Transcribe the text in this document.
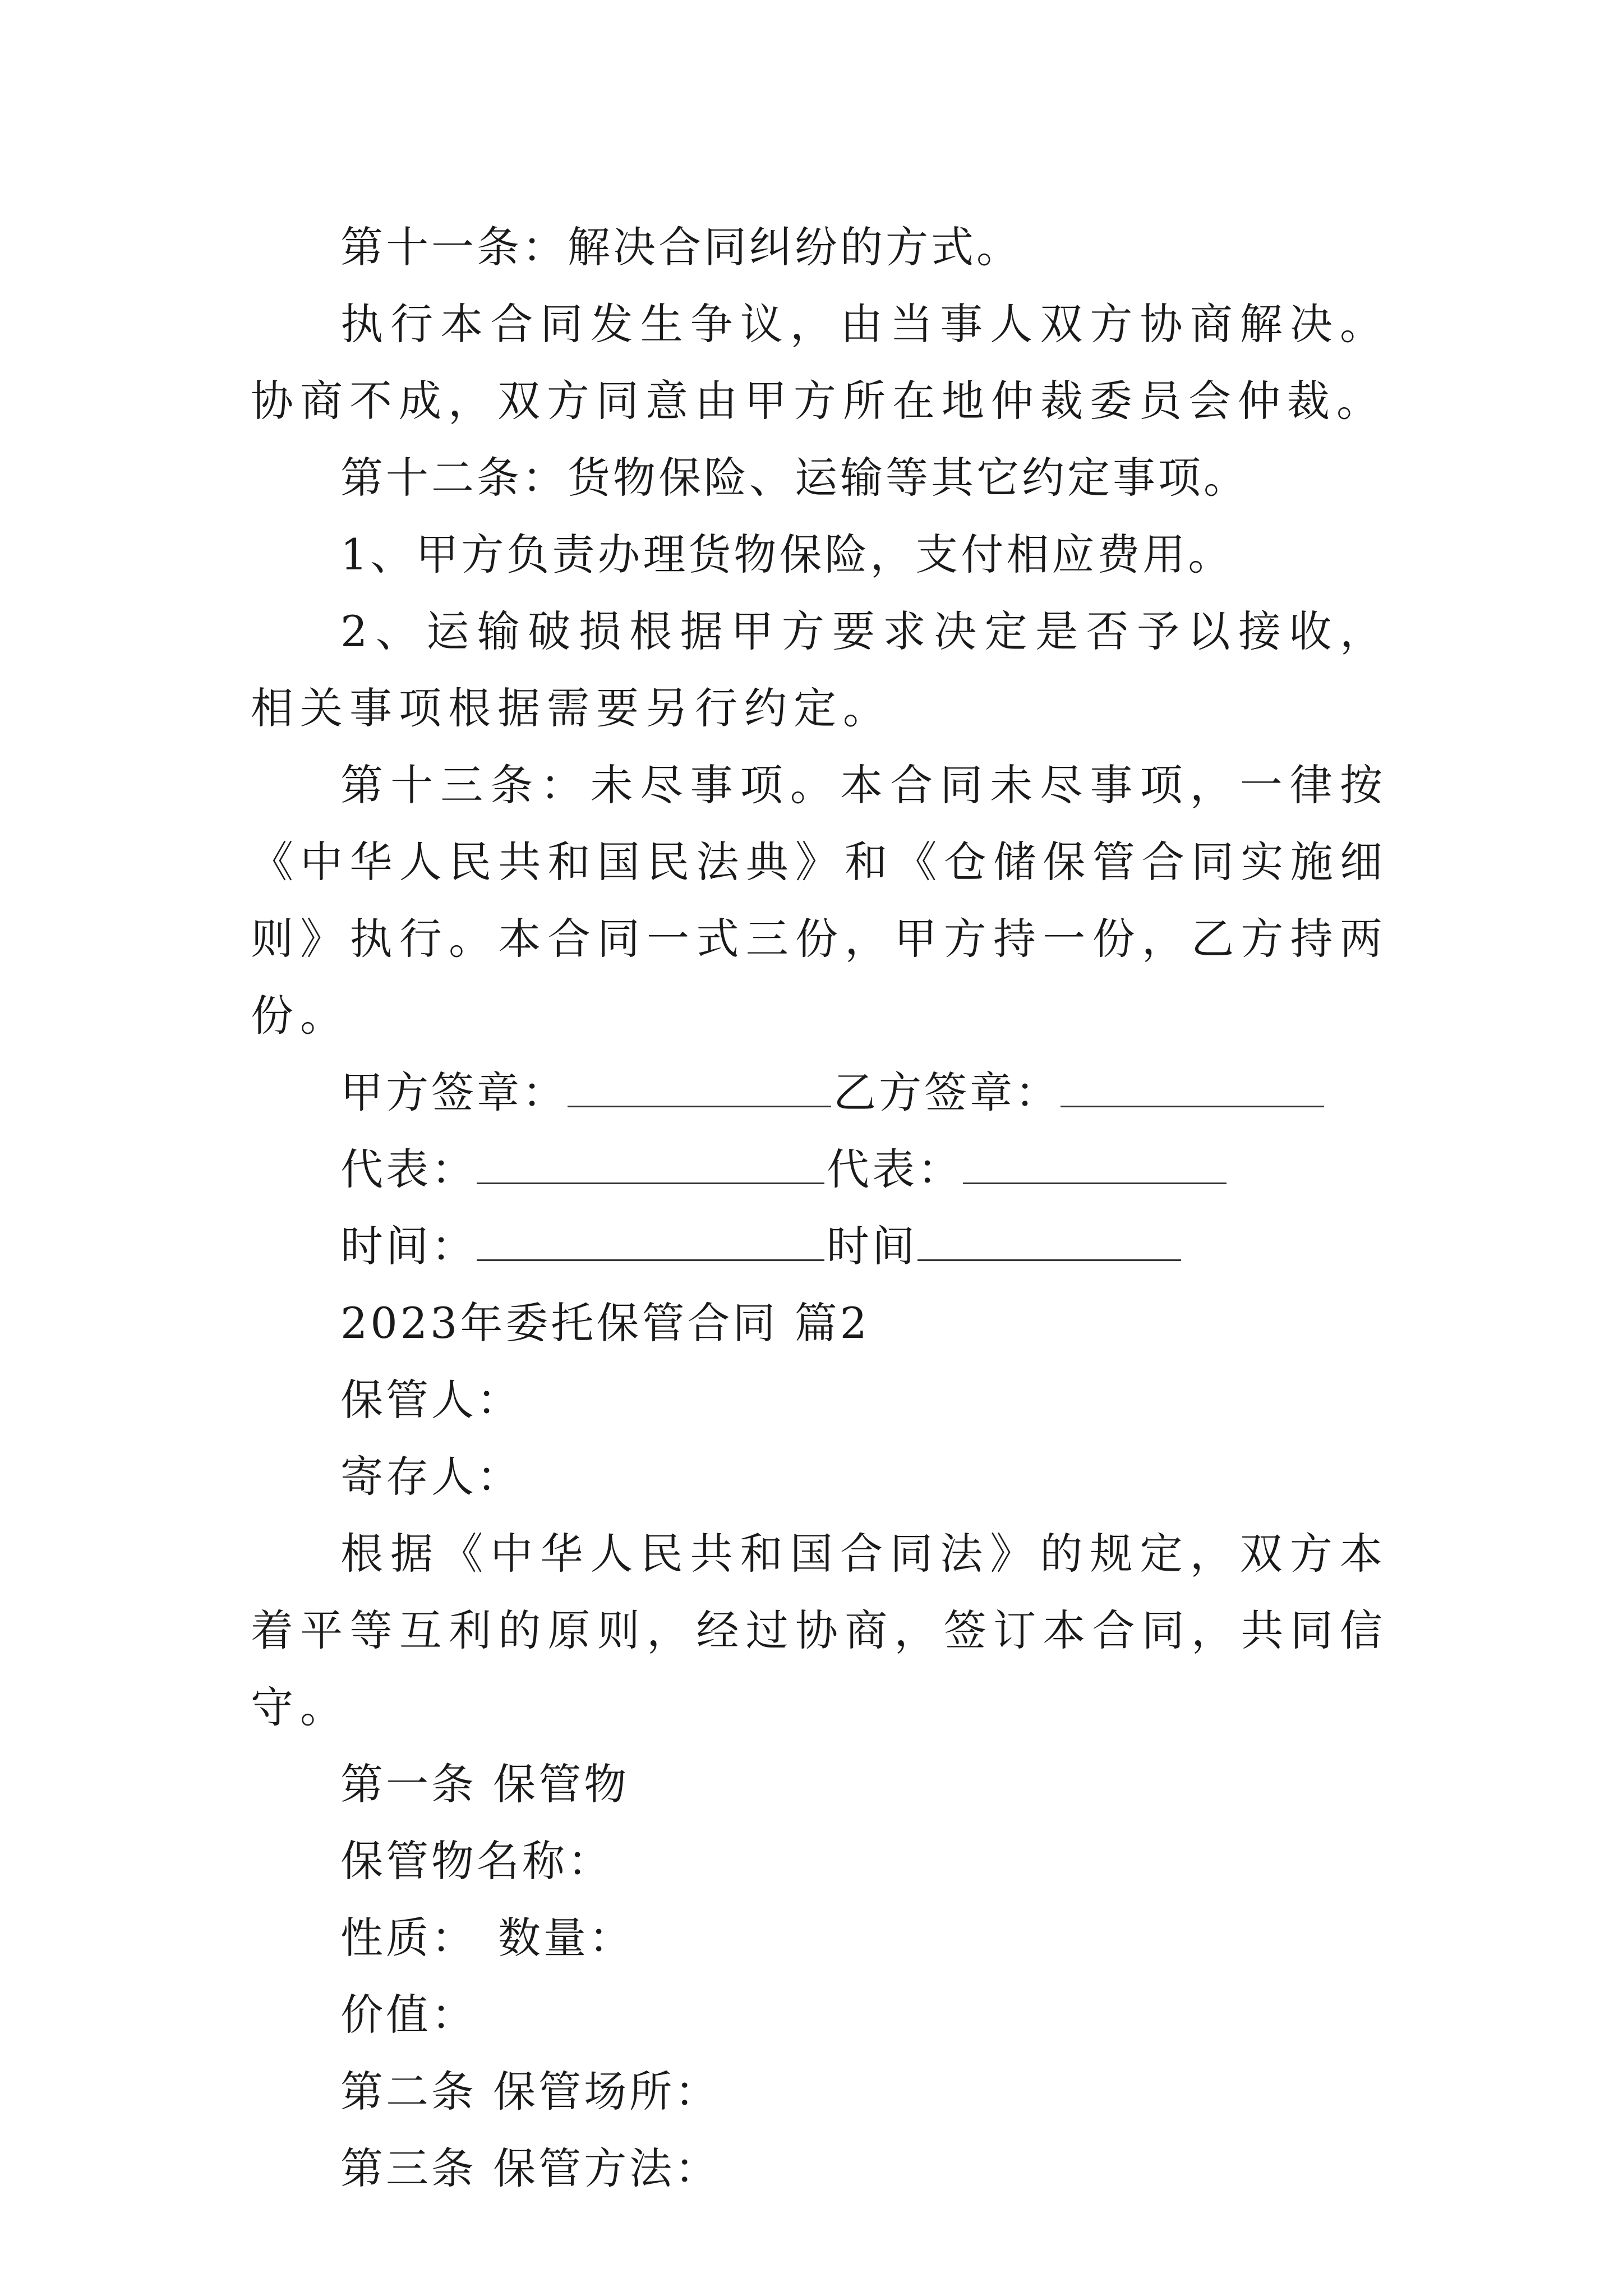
第十一条：解决合同纠纷的方式。

执行本合同发生争议，由当事人双方协商解决。协商不成，双方同意由甲方所在地仲裁委员会仲裁。

第十二条：货物保险、运输等其它约定事项。

1、甲方负责办理货物保险，支付相应费用。

2、运输破损根据甲方要求决定是否予以接收，相关事项根据需要另行约定。

第十三条：未尽事项。本合同未尽事项，一律按《中华人民共和国民法典》和《仓储保管合同实施细则》执行。本合同一式三份，甲方持一份，乙方持两份。

甲方签章：	乙方签章：
代表：	代表：
时间：	时间

2023年委托保管合同 篇2

保管人：

寄存人：

根据《中华人民共和国合同法》的规定，双方本着平等互利的原则，经过协商，签订本合同，共同信守。

第一条 保管物

保管物名称：

性质： 数量：

价值：

第二条 保管场所：

第三条 保管方法：
